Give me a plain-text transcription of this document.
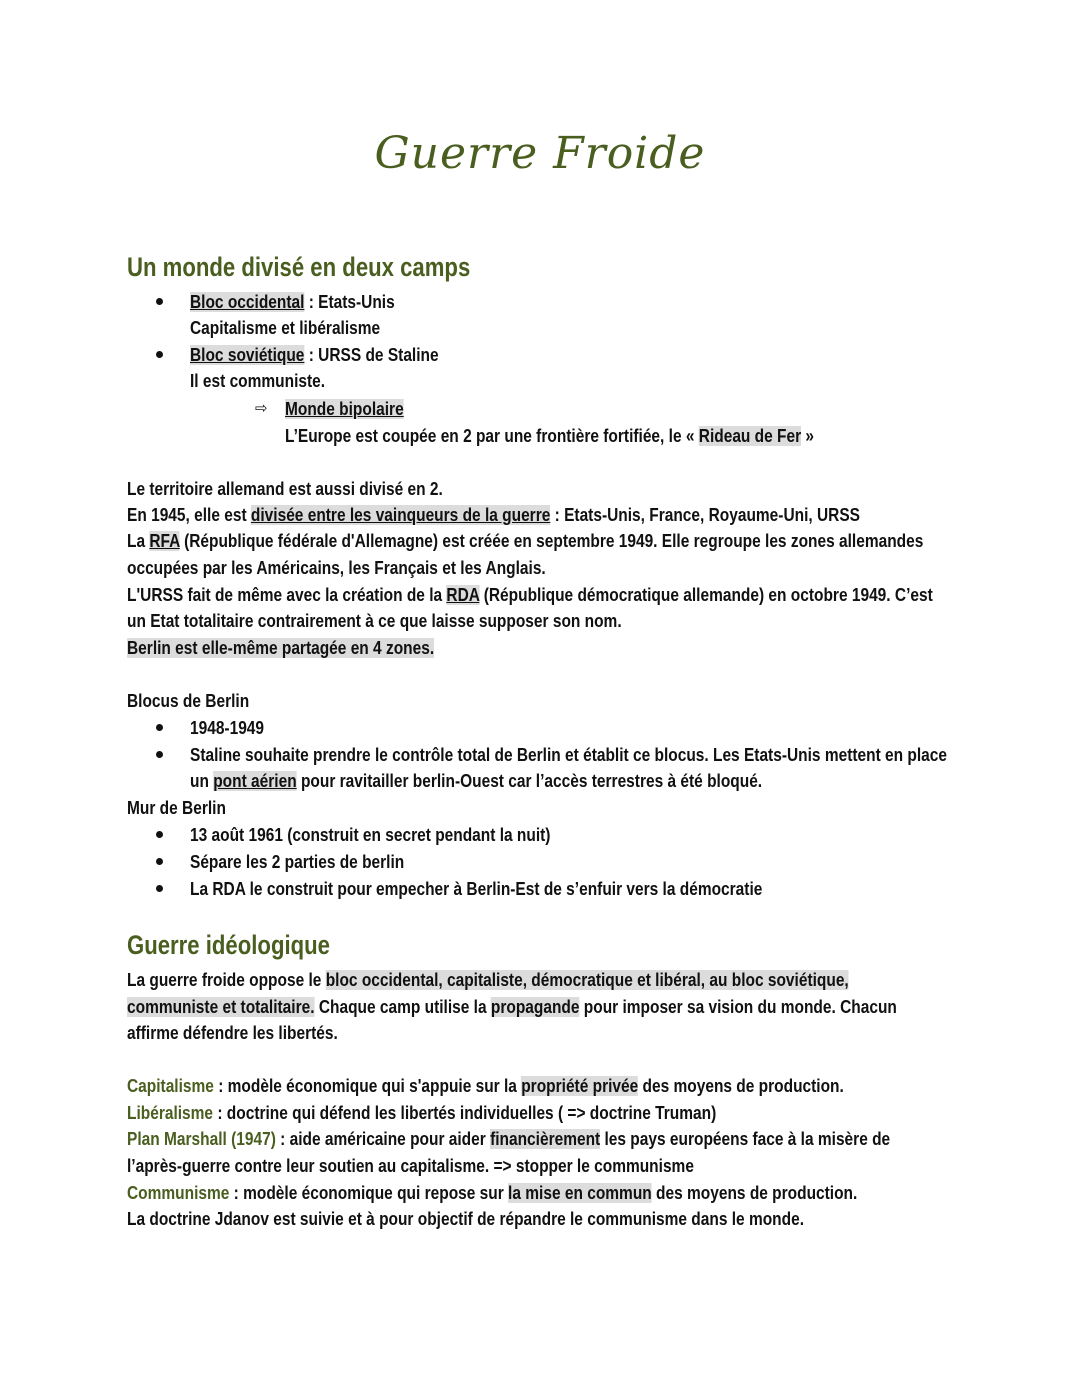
Guerre Froide
Un monde divisé en deux camps
Bloc occidental : Etats-Unis
Capitalisme et libéralisme
Bloc soviétique : URSS de Staline
Il est communiste.
⇨ Monde bipolaire
L’Europe est coupée en 2 par une frontière fortifiée, le « Rideau de Fer »
Le territoire allemand est aussi divisé en 2.
En 1945, elle est divisée entre les vainqueurs de la guerre : Etats-Unis, France, Royaume-Uni, URSS
La RFA (République fédérale d'Allemagne) est créée en septembre 1949. Elle regroupe les zones allemandes
occupées par les Américains, les Français et les Anglais.
L'URSS fait de même avec la création de la RDA (République démocratique allemande) en octobre 1949. C’est
un Etat totalitaire contrairement à ce que laisse supposer son nom.
Berlin est elle-même partagée en 4 zones.
Blocus de Berlin
1948-1949
Staline souhaite prendre le contrôle total de Berlin et établit ce blocus. Les Etats-Unis mettent en place
un pont aérien pour ravitailler berlin-Ouest car l’accès terrestres à été bloqué.
Mur de Berlin
13 août 1961 (construit en secret pendant la nuit)
Sépare les 2 parties de berlin
La RDA le construit pour empecher à Berlin-Est de s’enfuir vers la démocratie
Guerre idéologique
La guerre froide oppose le bloc occidental, capitaliste, démocratique et libéral, au bloc soviétique,
communiste et totalitaire. Chaque camp utilise la propagande pour imposer sa vision du monde. Chacun
affirme défendre les libertés.
Capitalisme : modèle économique qui s'appuie sur la propriété privée des moyens de production.
Libéralisme : doctrine qui défend les libertés individuelles ( => doctrine Truman)
Plan Marshall (1947) : aide américaine pour aider financièrement les pays européens face à la misère de
l’après-guerre contre leur soutien au capitalisme. => stopper le communisme
Communisme : modèle économique qui repose sur la mise en commun des moyens de production.
La doctrine Jdanov est suivie et à pour objectif de répandre le communisme dans le monde.
